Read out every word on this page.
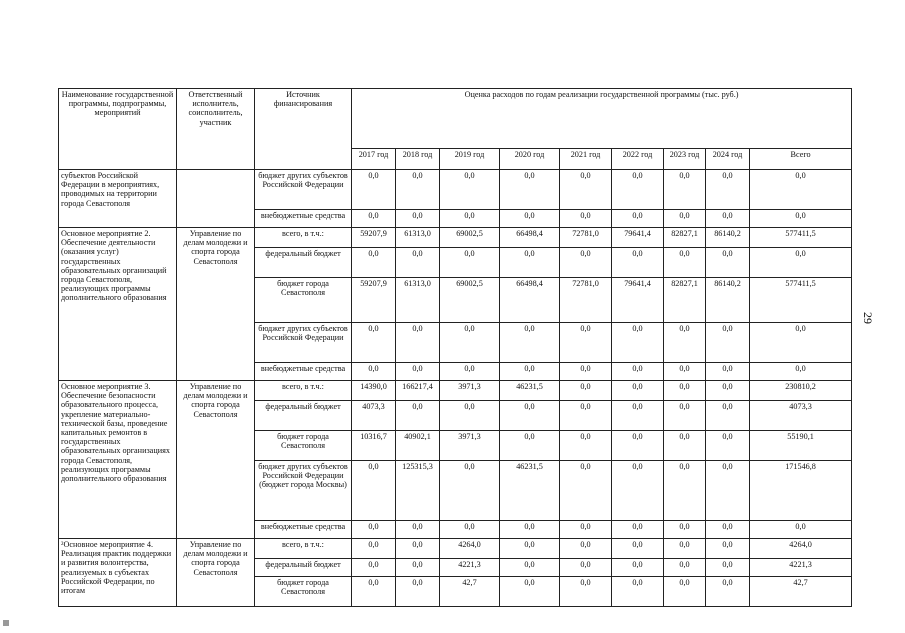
Наименование государственной программы, подпрограммы, мероприятий	Ответственный исполнитель, соисполнитель, участник	Источник финансирования	Оценка расходов по годам реализации государственной программы (тыс. руб.)								
			2017 год	2018 год	2019 год	2020 год	2021 год	2022 год	2023 год	2024 год	Всего
субъектов Российской Федерации в мероприятиях, проводимых на территории города Севастополя		бюджет других субъектов Российской Федерации	0,0	0,0	0,0	0,0	0,0	0,0	0,0	0,0	0,0
		внебюджетные средства	0,0	0,0	0,0	0,0	0,0	0,0	0,0	0,0	0,0
Основное мероприятие 2. Обеспечение деятельности (оказания услуг) государственных образовательных организаций города Севастополя, реализующих программы дополнительного образования	Управление по делам молодежи и спорта города Севастополя	всего, в т.ч.:	59207,9	61313,0	69002,5	66498,4	72781,0	79641,4	82827,1	86140,2	577411,5
		федеральный бюджет	0,0	0,0	0,0	0,0	0,0	0,0	0,0	0,0	0,0
		бюджет города Севастополя	59207,9	61313,0	69002,5	66498,4	72781,0	79641,4	82827,1	86140,2	577411,5
		бюджет других субъектов Российской Федерации	0,0	0,0	0,0	0,0	0,0	0,0	0,0	0,0	0,0
		внебюджетные средства	0,0	0,0	0,0	0,0	0,0	0,0	0,0	0,0	0,0
Основное мероприятие 3. Обеспечение безопасности образовательного процесса, укрепление материально-технической базы, проведение капитальных ремонтов в государственных образовательных организациях города Севастополя, реализующих программы дополнительного образования	Управление по делам молодежи и спорта города Севастополя	всего, в т.ч.:	14390,0	166217,4	3971,3	46231,5	0,0	0,0	0,0	0,0	230810,2
		федеральный бюджет	4073,3	0,0	0,0	0,0	0,0	0,0	0,0	0,0	4073,3
		бюджет города Севастополя	10316,7	40902,1	3971,3	0,0	0,0	0,0	0,0	0,0	55190,1
		бюджет других субъектов Российской Федерации (бюджет города Москвы)	0,0	125315,3	0,0	46231,5	0,0	0,0	0,0	0,0	171546,8
		внебюджетные средства	0,0	0,0	0,0	0,0	0,0	0,0	0,0	0,0	0,0
²Основное мероприятие 4. Реализация практик поддержки и развития волонтерства, реализуемых в субъектах Российской Федерации, по итогам	Управление по делам молодежи и спорта города Севастополя	всего, в т.ч.:	0,0	0,0	4264,0	0,0	0,0	0,0	0,0	0,0	4264,0
		федеральный бюджет	0,0	0,0	4221,3	0,0	0,0	0,0	0,0	0,0	4221,3
		бюджет города Севастополя	0,0	0,0	42,7	0,0	0,0	0,0	0,0	0,0	42,7
29
